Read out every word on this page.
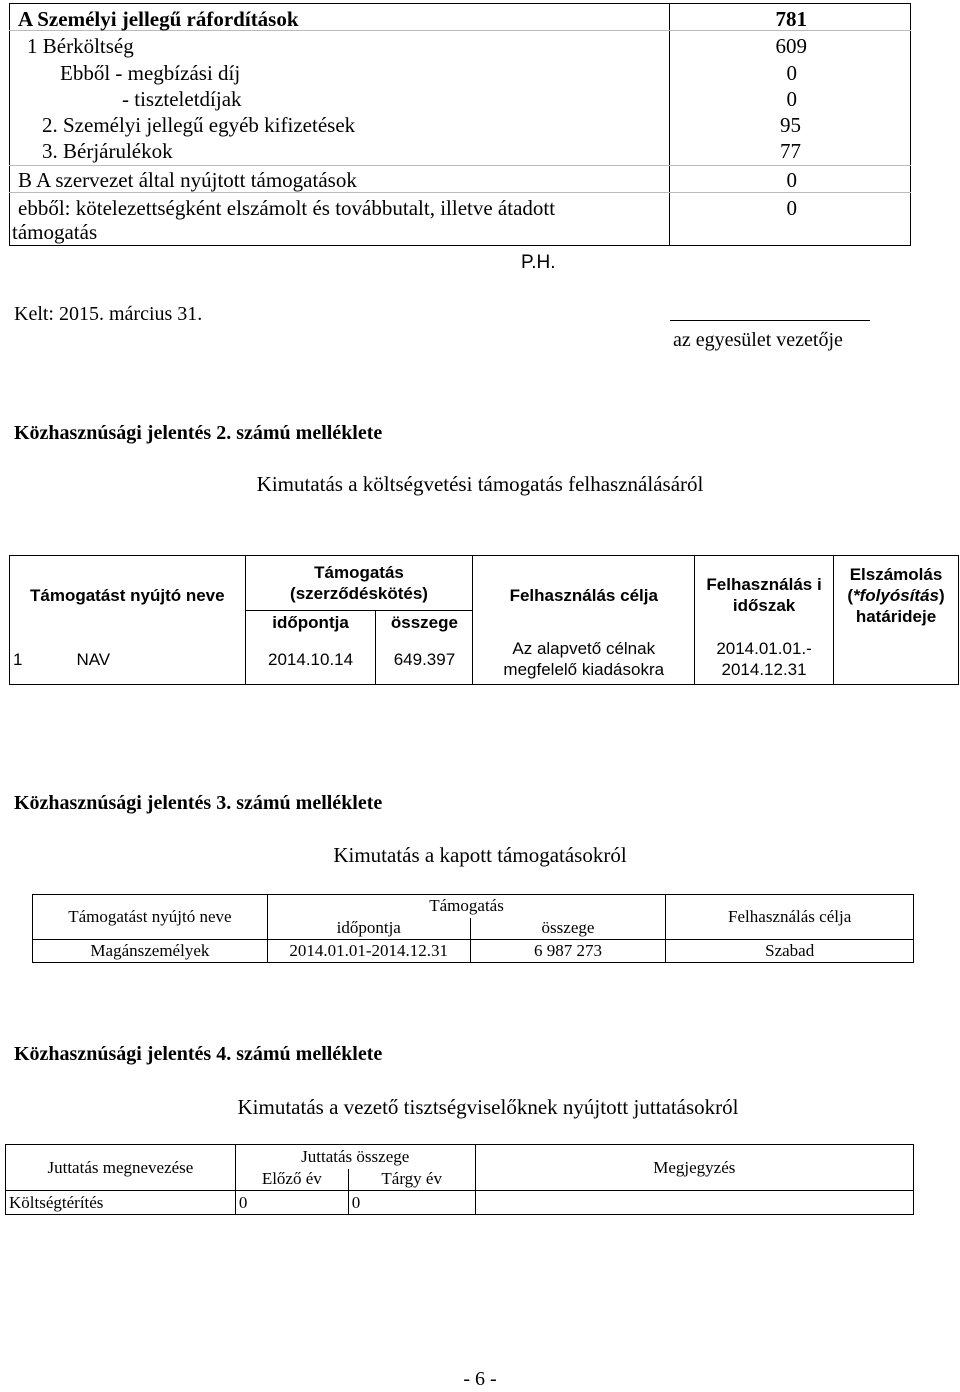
A Személyi jellegű ráfordítások	781
1 Bérköltség	609
Ebből - megbízási díj	0
- tiszteletdíjak	0
2. Személyi jellegű egyéb kifizetések	95
3. Bérjárulékok	77
B A szervezet által nyújtott támogatások	0
ebből: kötelezettségként elszámolt és továbbutalt, illetve átadott	0
támogatás
P.H.
Kelt: 2015. március 31.
az egyesület vezetője
Közhasznúsági jelentés 2. számú melléklete
Kimutatás a költségvetési támogatás felhasználásáról
Támogatást nyújtó neve		Támogatás (szerződéskötés)		Felhasználás célja	Felhasználás i időszak	Elszámolás (*folyósítás) határideje
		időpontja	összege			
1	NAV	2014.10.14	649.397	Az alapvető célnak megfelelő kiadásokra	2014.01.01.- 2014.12.31	
Közhasznúsági jelentés 3. számú melléklete
Kimutatás a kapott támogatásokról
Támogatást nyújtó neve	Támogatás		Felhasználás célja
	időpontja	összege	
Magánszemélyek	2014.01.01-2014.12.31	6 987 273	Szabad
Közhasznúsági jelentés 4. számú melléklete
Kimutatás a vezető tisztségviselőknek nyújtott juttatásokról
Juttatás megnevezése	Juttatás összege		Megjegyzés
	Előző év	Tárgy év	
Költségtérítés	0	0	
- 6 -
